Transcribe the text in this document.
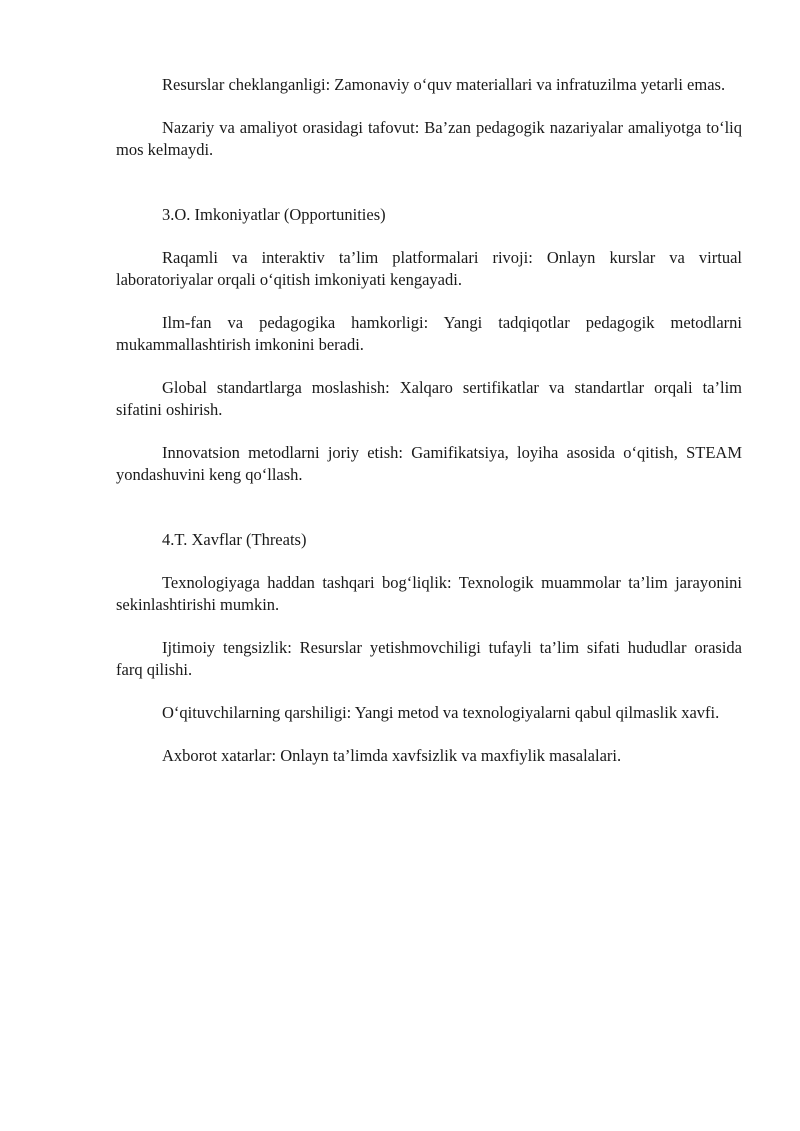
Resurslar cheklanganligi: Zamonaviy o‘quv materiallari va infratuzilma yetarli emas.

Nazariy va amaliyot orasidagi tafovut: Ba’zan pedagogik nazariyalar amaliyotga to‘liq mos kelmaydi.

3.O. Imkoniyatlar (Opportunities)

Raqamli va interaktiv ta’lim platformalari rivoji: Onlayn kurslar va virtual laboratoriyalar orqali o‘qitish imkoniyati kengayadi.

Ilm-fan va pedagogika hamkorligi: Yangi tadqiqotlar pedagogik metodlarni mukammallashtirish imkonini beradi.

Global standartlarga moslashish: Xalqaro sertifikatlar va standartlar orqali ta’lim sifatini oshirish.

Innovatsion metodlarni joriy etish: Gamifikatsiya, loyiha asosida o‘qitish, STEAM yondashuvini keng qo‘llash.

4.T. Xavflar (Threats)

Texnologiyaga haddan tashqari bog‘liqlik: Texnologik muammolar ta’lim jarayonini sekinlashtirishi mumkin.

Ijtimoiy tengsizlik: Resurslar yetishmovchiligi tufayli ta’lim sifati hududlar orasida farq qilishi.

O‘qituvchilarning qarshiligi: Yangi metod va texnologiyalarni qabul qilmaslik xavfi.

Axborot xatarlar: Onlayn ta’limda xavfsizlik va maxfiylik masalalari.
